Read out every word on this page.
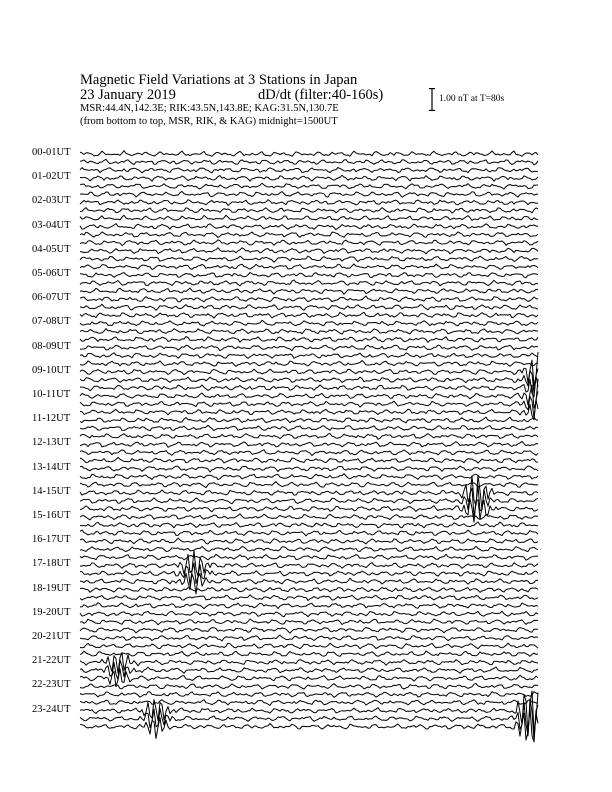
Magnetic Field Variations at 3 Stations in Japan
23 January 2019	dD/dt (filter:40-160s)
MSR:44.4N,142.3E; RIK:43.5N,143.8E; KAG:31.5N,130.7E
(from bottom to top, MSR, RIK, & KAG) midnight=1500UT
1.00 nT at T=80s
00-01UT
01-02UT
02-03UT
03-04UT
04-05UT
05-06UT
06-07UT
07-08UT
08-09UT
09-10UT
10-11UT
11-12UT
12-13UT
13-14UT
14-15UT
15-16UT
16-17UT
17-18UT
18-19UT
19-20UT
20-21UT
21-22UT
22-23UT
23-24UT
